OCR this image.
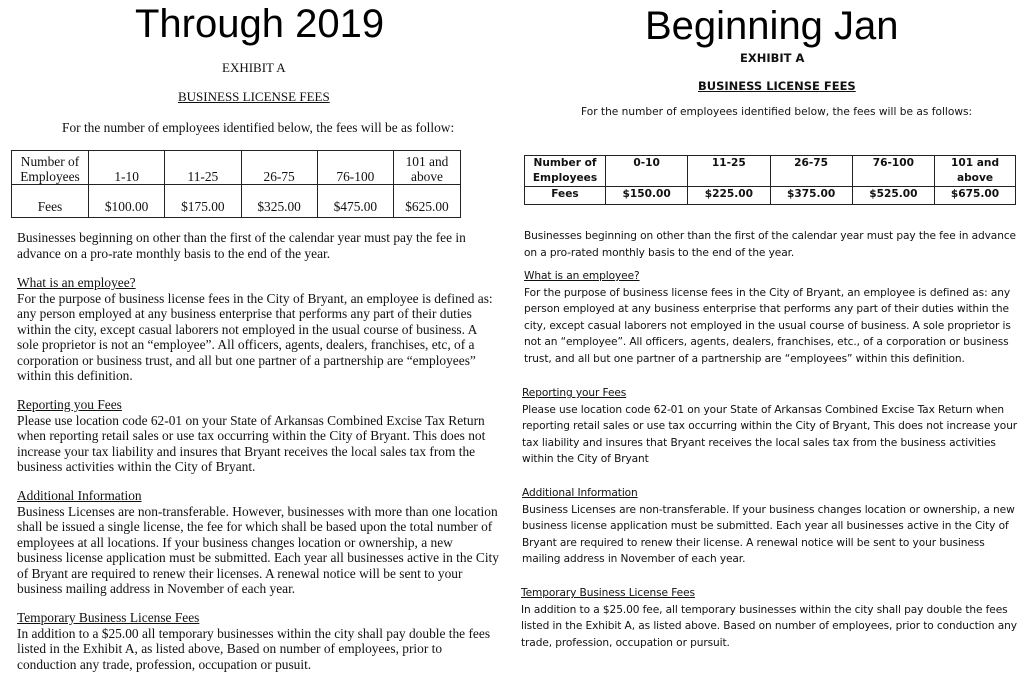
Through 2019
EXHIBIT A
BUSINESS LICENSE FEES
For the number of employees identified below, the fees will be as follow:
Number of Employees	1-10	11-25	26-75	76-100	101 and above
Fees	$100.00	$175.00	$325.00	$475.00	$625.00
Businesses beginning on other than the first of the calendar year must pay the fee in
advance on a pro-rate monthly basis to the end of the year.
What is an employee?
For the purpose of business license fees in the City of Bryant, an employee is defined as:
any person employed at any business enterprise that performs any part of their duties
within the city, except casual laborers not employed in the usual course of business. A
sole proprietor is not an “employee”. All officers, agents, dealers, franchises, etc, of a
corporation or business trust, and all but one partner of a partnership are “employees”
within this definition.
Reporting you Fees
Please use location code 62-01 on your State of Arkansas Combined Excise Tax Return
when reporting retail sales or use tax occurring within the City of Bryant. This does not
increase your tax liability and insures that Bryant receives the local sales tax from the
business activities within the City of Bryant.
Additional Information
Business Licenses are non-transferable. However, businesses with more than one location
shall be issued a single license, the fee for which shall be based upon the total number of
employees at all locations. If your business changes location or ownership, a new
business license application must be submitted. Each year all businesses active in the City
of Bryant are required to renew their licenses. A renewal notice will be sent to your
business mailing address in November of each year.
Temporary Business License Fees
In addition to a $25.00 all temporary businesses within the city shall pay double the fees
listed in the Exhibit A, as listed above, Based on number of employees, prior to
conduction any trade, profession, occupation or pusuit.
Beginning Jan
EXHIBIT A
BUSINESS LICENSE FEES
For the number of employees identified below, the fees will be as follows:
Number of Employees	0-10	11-25	26-75	76-100	101 and above
Fees	$150.00	$225.00	$375.00	$525.00	$675.00
Businesses beginning on other than the first of the calendar year must pay the fee in advance
on a pro-rated monthly basis to the end of the year.
What is an employee?
For the purpose of business license fees in the City of Bryant, an employee is defined as: any
person employed at any business enterprise that performs any part of their duties within the
city, except casual laborers not employed in the usual course of business. A sole proprietor is
not an “employee”. All officers, agents, dealers, franchises, etc., of a corporation or business
trust, and all but one partner of a partnership are “employees” within this definition.
Reporting your Fees
Please use location code 62-01 on your State of Arkansas Combined Excise Tax Return when
reporting retail sales or use tax occurring within the City of Bryant, This does not increase your
tax liability and insures that Bryant receives the local sales tax from the business activities
within the City of Bryant
Additional Information
Business Licenses are non-transferable. If your business changes location or ownership, a new
business license application must be submitted. Each year all businesses active in the City of
Bryant are required to renew their license. A renewal notice will be sent to your business
mailing address in November of each year.
Temporary Business License Fees
In addition to a $25.00 fee, all temporary businesses within the city shall pay double the fees
listed in the Exhibit A, as listed above. Based on number of employees, prior to conduction any
trade, profession, occupation or pursuit.
